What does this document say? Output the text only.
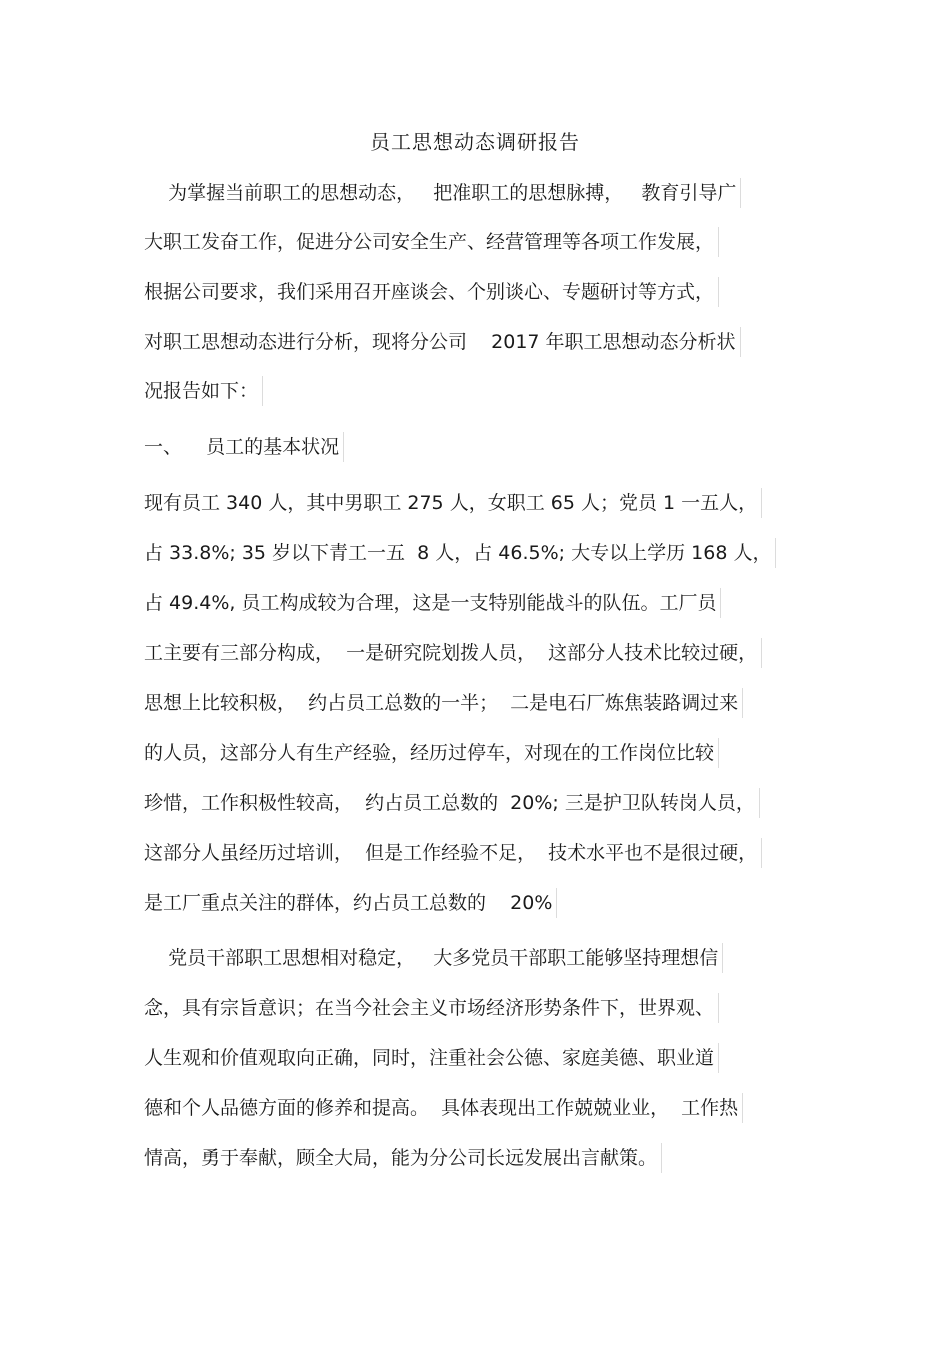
员工思想动态调研报告
为掌握当前职工的思想动态，   把准职工的思想脉搏，   教育引导广
大职工发奋工作，促进分公司安全生产、经营管理等各项工作发展，
根据公司要求，我们采用召开座谈会、个别谈心、专题研讨等方式，
对职工思想动态进行分析，现将分公司    2017 年职工思想动态分析状
况报告如下：
一、    员工的基本状况
现有员工 340 人，其中男职工 275 人，女职工 65 人；党员 1 一五人，
占 33.8%; 35 岁以下青工一五  8 人，占 46.5%; 大专以上学历 168 人，
占 49.4%, 员工构成较为合理，这是一支特别能战斗的队伍。工厂员
工主要有三部分构成，  一是研究院划拨人员，  这部分人技术比较过硬，
思想上比较积极，  约占员工总数的一半；  二是电石厂炼焦装路调过来
的人员，这部分人有生产经验，经历过停车，对现在的工作岗位比较
珍惜，工作积极性较高，  约占员工总数的  20%; 三是护卫队转岗人员，
这部分人虽经历过培训，  但是工作经验不足，  技术水平也不是很过硬，
是工厂重点关注的群体，约占员工总数的    20%
党员干部职工思想相对稳定，   大多党员干部职工能够坚持理想信
念，具有宗旨意识；在当今社会主义市场经济形势条件下，世界观、
人生观和价值观取向正确，同时，注重社会公德、家庭美德、职业道
德和个人品德方面的修养和提高。  具体表现出工作兢兢业业，  工作热
情高，勇于奉献，顾全大局，能为分公司长远发展出言献策。
